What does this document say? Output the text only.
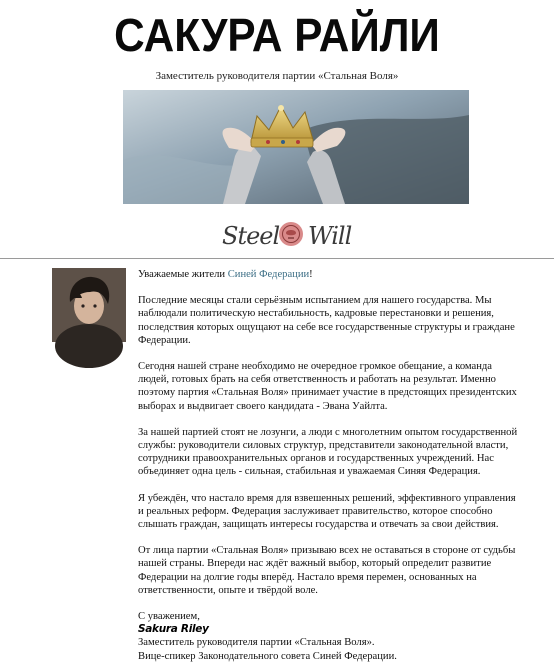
САКУРА РАЙЛИ
Заместитель руководителя партии «Стальная Воля»
Steel Will

Уважаемые жители Синей Федерации!

Последние месяцы стали серьёзным испытанием для нашего государства. Мы наблюдали политическую нестабильность, кадровые перестановки и решения, последствия которых ощущают на себе все государственные структуры и граждане Федерации.

Сегодня нашей стране необходимо не очередное громкое обещание, а команда людей, готовых брать на себя ответственность и работать на результат. Именно поэтому партия «Стальная Воля» принимает участие в предстоящих президентских выборах и выдвигает своего кандидата - Эвана Уайлта.

За нашей партией стоят не лозунги, а люди с многолетним опытом государственной службы: руководители силовых структур, представители законодательной власти, сотрудники правоохранительных органов и государственных учреждений. Нас объединяет одна цель - сильная, стабильная и уважаемая Синяя Федерация.

Я убеждён, что настало время для взвешенных решений, эффективного управления и реальных реформ. Федерация заслуживает правительство, которое способно слышать граждан, защищать интересы государства и отвечать за свои действия.

От лица партии «Стальная Воля» призываю всех не оставаться в стороне от судьбы нашей страны. Впереди нас ждёт важный выбор, который определит развитие Федерации на долгие годы вперёд. Настало время перемен, основанных на ответственности, опыте и твёрдой воле.

С уважением,

Sakura Riley

Заместитель руководителя партии «Стальная Воля».

Вице-спикер Законодательного совета Синей Федерации.
